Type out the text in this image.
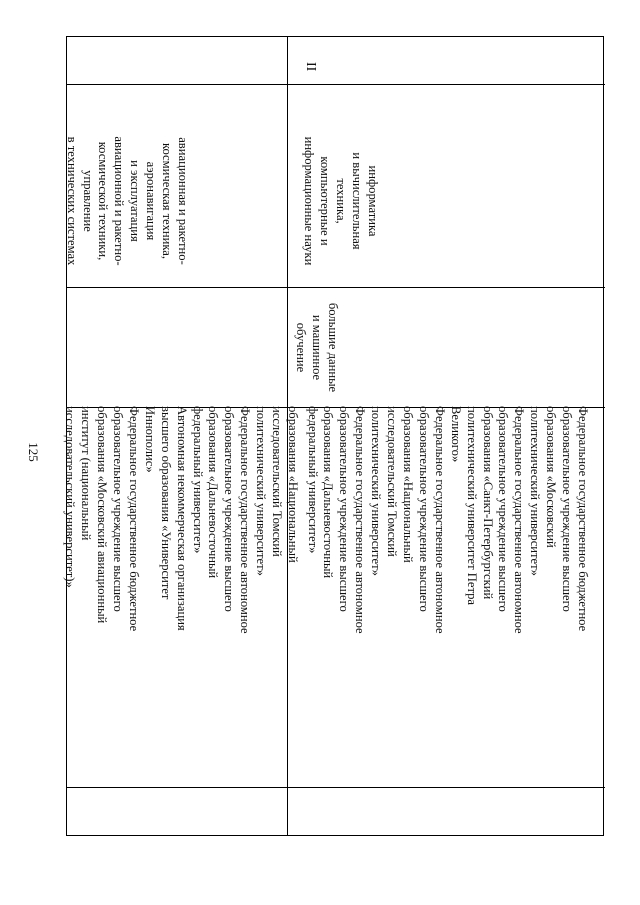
125
II
авиационная и ракетно-
космическая техника,
аэронавигация
и эксплуатация
авиационной и ракетно-
космической техники,
управление
в технических системах
образования «Национальный
исследовательский Томский
политехнический университет»
Федеральное государственное автономное
образовательное учреждение высшего
образования «Дальневосточный
федеральный университет»
Автономная некоммерческая организация
высшего образования «Университет
Иннополис»
Федеральное государственное бюджетное
образовательное учреждение высшего
образования «Московский авиационный
институт (национальный
исследовательский университет)»
большие данные
и машинное
обучение
информатика
и вычислительная
техника,
компьютерные и
информационные науки
Федеральное государственное бюджетное
образовательное учреждение высшего
образования «Московский
политехнический университет»
Федеральное государственное автономное
образовательное учреждение высшего
образования «Санкт-Петербургский
политехнический университет Петра
Великого»
Федеральное государственное автономное
образовательное учреждение высшего
образования «Национальный
исследовательский Томский
политехнический университет»
Федеральное государственное автономное
образовательное учреждение высшего
образования «Дальневосточный
федеральный университет»
